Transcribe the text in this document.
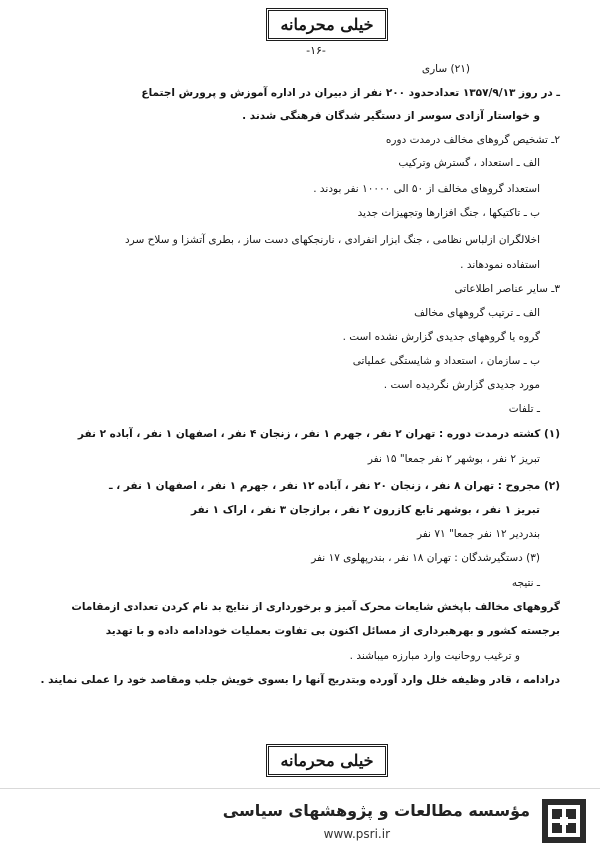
خیلی محرمانه
-۱۶-
(۲۱) ساری
ـ در روز ۱۳۵۷/۹/۱۳ تعدادحدود ۲۰۰ نفر از دبیران در اداره آموزش و پرورش اجتماع
و خواستار آزادی سوسر از دستگیر شدگان فرهنگی شدند .
۲ـ تشخیص گروهای مخالف درمدت دوره
الف ـ استعداد ، گسترش وترکیب
استعداد گروهای مخالف از ۵۰ الی ۱۰۰۰۰ نفر بودند .
ب ـ تاکتیکها ، جنگ افزارها وتجهیزات جدید
اخلالگران ازلباس نظامی ، جنگ ابزار انفرادی ، نارنجکهای دست ساز ، بطری آتشزا و سلاح سرد
استفاده نمودهاند .
۳ـ سایر عناصر اطلاعاتی
الف ـ ترتیب گروههای مخالف
گروه یا گروههای جدیدی گزارش نشده است .
ب ـ سازمان ، استعداد و شایستگی عملیاتی
مورد جدیدی گزارش نگردیده است .
ـ تلفات
(۱) کشته درمدت دوره : تهران ۲ نفر ، جهرم ۱ نفر ، زنجان ۴ نفر ، اصفهان ۱ نفر ، آباده ۲ نفر
تبریز ۲ نفر ، بوشهر ۲ نفر جمعا" ۱۵ نفر
(۲) مجروح : تهران ۸ نفر ، زنجان ۲۰ نفر ، آباده ۱۲ نفر ، جهرم ۱ نفر ، اصفهان ۱ نفر ، ـ
تبریز ۱ نفر ، بوشهر تابع کازرون ۲ نفر ، برازجان ۳ نفر ، اراک ۱ نفر
بندردیر ۱۲ نفر جمعا" ۷۱ نفر
(۳) دستگیرشدگان : تهران ۱۸ نفر ، بندرپهلوی ۱۷ نفر
ـ نتیجه
گروههای مخالف باپخش شایعات محرک آمیز و برخورداری از نتایج بد نام کردن تعدادی ازمقامات
برجسته کشور و بهرهبرداری از مسائل اکنون بی تفاوت بعملیات خودادامه داده و با تهدید
و ترغیب روحانیت وارد مبارزه میباشند .
درادامه ، قادر وظیفه خلل وارد آورده وبتدریج آنها را بسوی خویش جلب ومقاصد خود را عملی نمایند .
خیلی محرمانه
مؤسسه مطالعات و پژوهشهای سیاسی
www.psri.ir
